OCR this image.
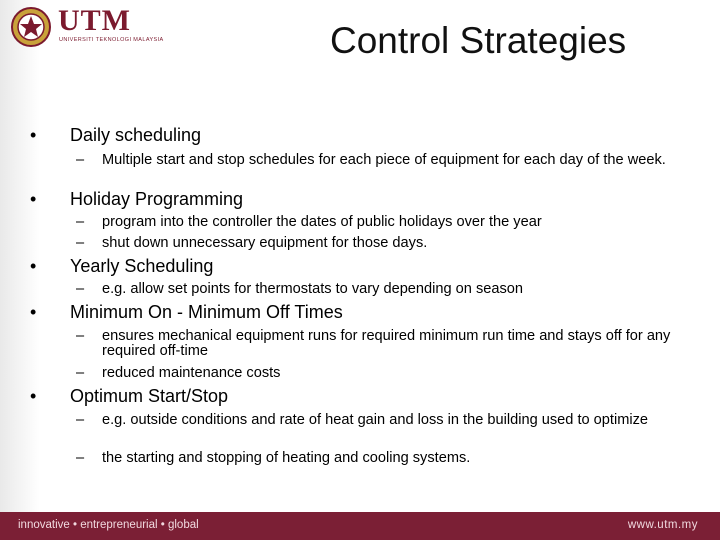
UTM
UNIVERSITI TEKNOLOGI MALAYSIA	Control Strategies
• Daily scheduling
– Multiple start and stop schedules for each piece of equipment for each day of the week.
• Holiday Programming
– program into the controller the dates of public holidays over the year
– shut down unnecessary equipment for those days.
• Yearly Scheduling
– e.g. allow set points for thermostats to vary depending on season
• Minimum On - Minimum Off Times
– ensures mechanical equipment runs for required minimum run time and stays off for any required off-time
– reduced maintenance costs
• Optimum Start/Stop
– e.g. outside conditions and rate of heat gain and loss in the building used to optimize
– the starting and stopping of heating and cooling systems.
innovative • entrepreneurial • global	www.utm.my
